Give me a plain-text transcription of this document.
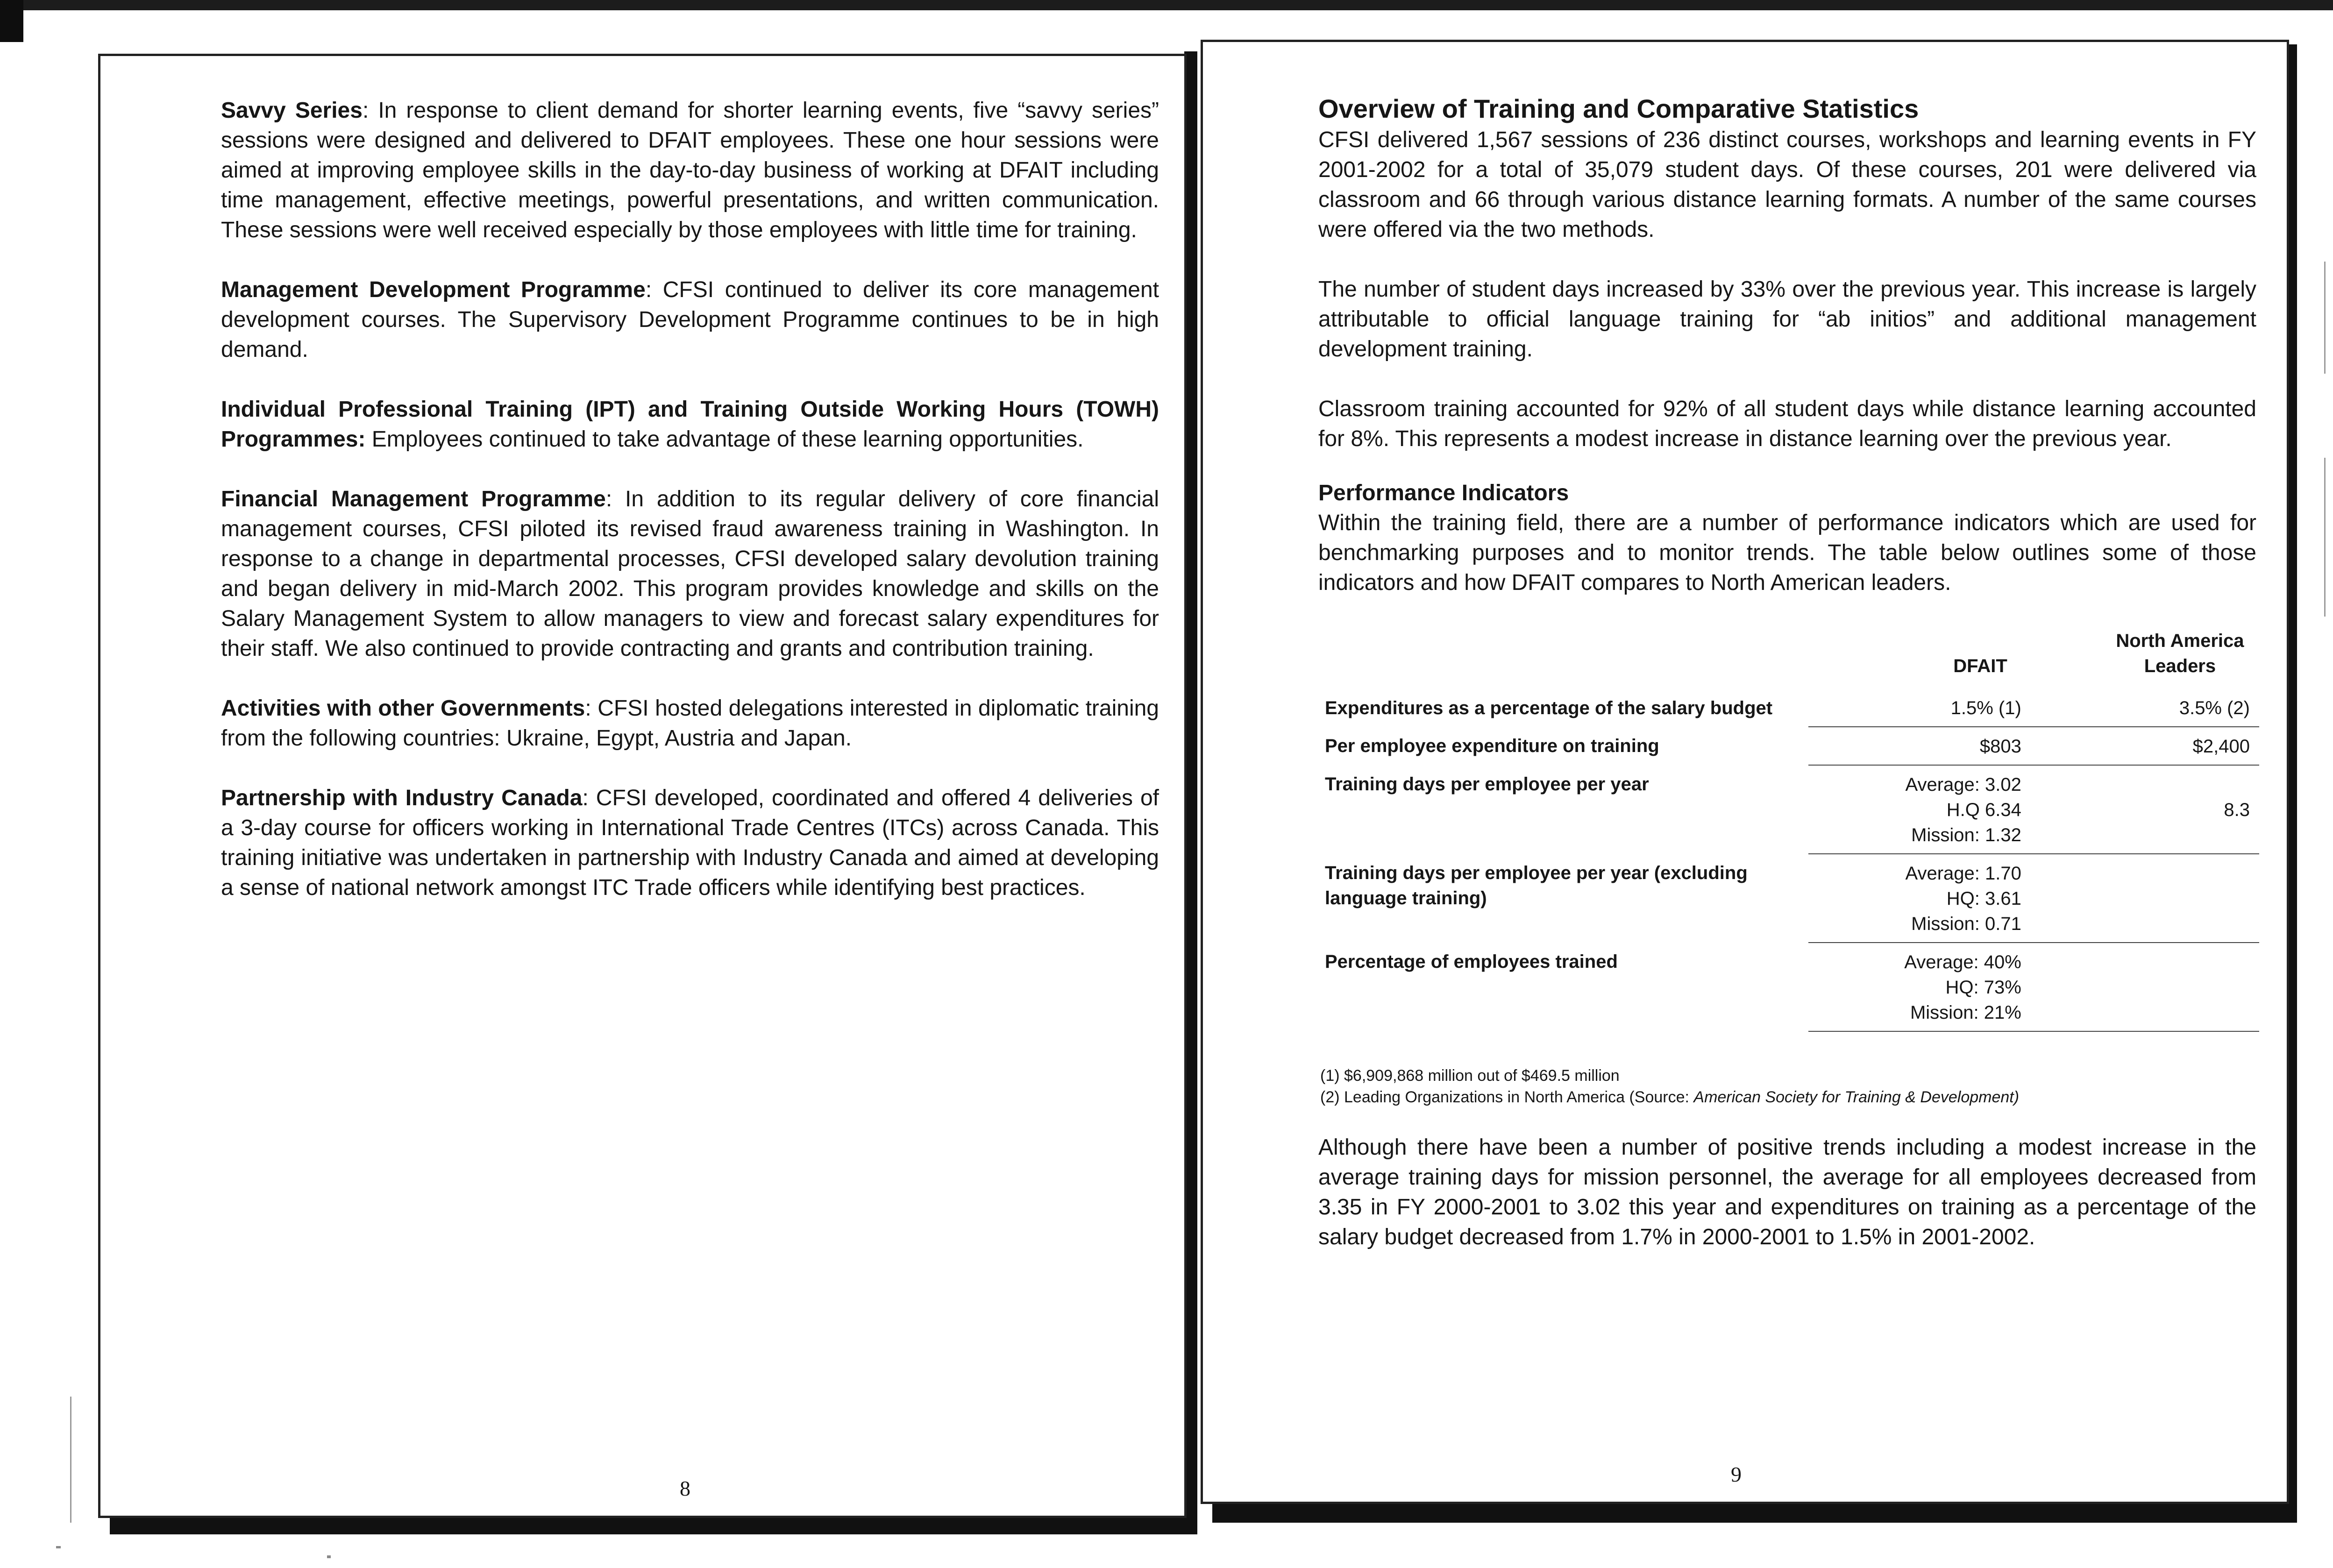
Savvy Series: In response to client demand for shorter learning events, five “savvy series” sessions were designed and delivered to DFAIT employees. These one hour sessions were aimed at improving employee skills in the day-to-day business of working at DFAIT including time management, effective meetings, powerful presentations, and written communication. These sessions were well received especially by those employees with little time for training.

Management Development Programme: CFSI continued to deliver its core management development courses. The Supervisory Development Programme continues to be in high demand.

Individual Professional Training (IPT) and Training Outside Working Hours (TOWH) Programmes: Employees continued to take advantage of these learning opportunities.

Financial Management Programme: In addition to its regular delivery of core financial management courses, CFSI piloted its revised fraud awareness training in Washington. In response to a change in departmental processes, CFSI developed salary devolution training and began delivery in mid-March 2002. This program provides knowledge and skills on the Salary Management System to allow managers to view and forecast salary expenditures for their staff. We also continued to provide contracting and grants and contribution training.

Activities with other Governments: CFSI hosted delegations interested in diplomatic training from the following countries: Ukraine, Egypt, Austria and Japan.

Partnership with Industry Canada: CFSI developed, coordinated and offered 4 deliveries of a 3-day course for officers working in International Trade Centres (ITCs) across Canada. This training initiative was undertaken in partnership with Industry Canada and aimed at developing a sense of national network amongst ITC Trade officers while identifying best practices.

8
Overview of Training and Comparative Statistics

CFSI delivered 1,567 sessions of 236 distinct courses, workshops and learning events in FY 2001-2002 for a total of 35,079 student days. Of these courses, 201 were delivered via classroom and 66 through various distance learning formats. A number of the same courses were offered via the two methods.

The number of student days increased by 33% over the previous year. This increase is largely attributable to official language training for “ab initios” and additional management development training.

Classroom training accounted for 92% of all student days while distance learning accounted for 8%. This represents a modest increase in distance learning over the previous year.

Performance Indicators
Within the training field, there are a number of performance indicators which are used for benchmarking purposes and to monitor trends. The table below outlines some of those indicators and how DFAIT compares to North American leaders.

	DFAIT	North America Leaders
Expenditures as a percentage of the salary budget	1.5% (1)	3.5% (2)
Per employee expenditure on training	$803	$2,400
Training days per employee per year	Average: 3.02
H.Q 6.34
Mission: 1.32	8.3

Training days per employee per year (excluding language training)	Average: 1.70
HQ: 3.61
Mission: 0.71	

Percentage of employees trained	Average: 40%
HQ: 73%
Mission: 21%	

(1) $6,909,868 million out of $469.5 million
(2) Leading Organizations in North America (Source: American Society for Training & Development)

Although there have been a number of positive trends including a modest increase in the average training days for mission personnel, the average for all employees decreased from 3.35 in FY 2000-2001 to 3.02 this year and expenditures on training as a percentage of the salary budget decreased from 1.7% in 2000-2001 to 1.5% in 2001-2002.

9
